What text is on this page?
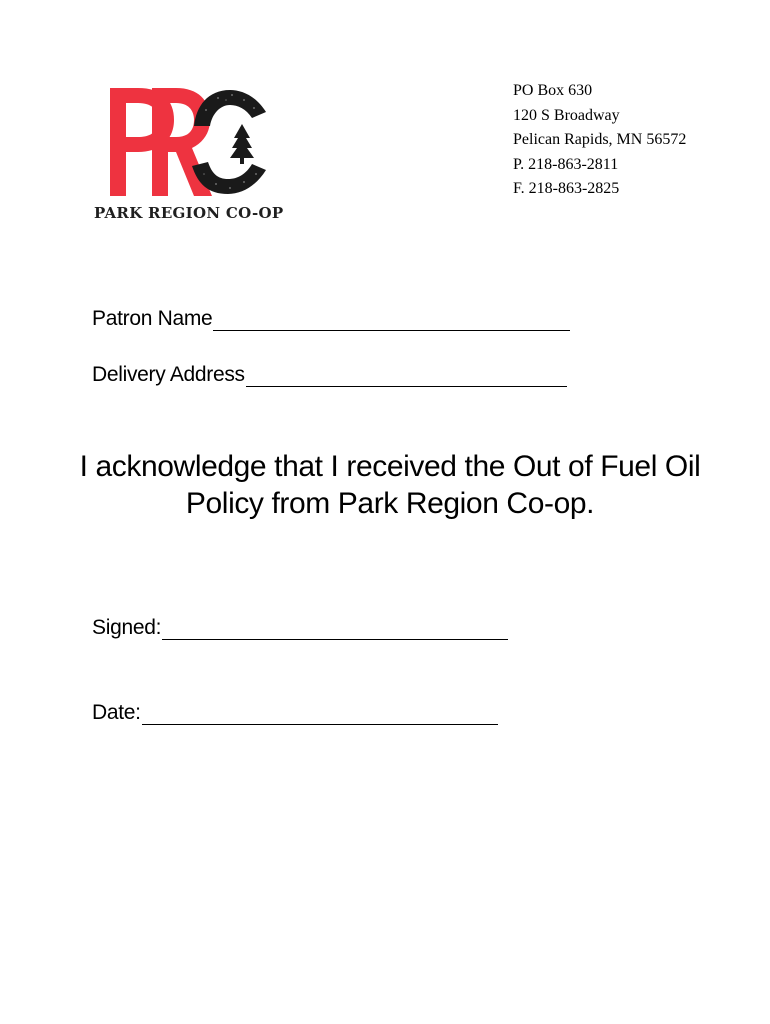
PARK REGION CO-OP
PO Box 630
120 S Broadway
Pelican Rapids, MN 56572
P. 218-863-2811
F. 218-863-2825
Patron Name
Delivery Address
I acknowledge that I received the Out of Fuel Oil Policy from Park Region Co-op.
Signed:
Date:
